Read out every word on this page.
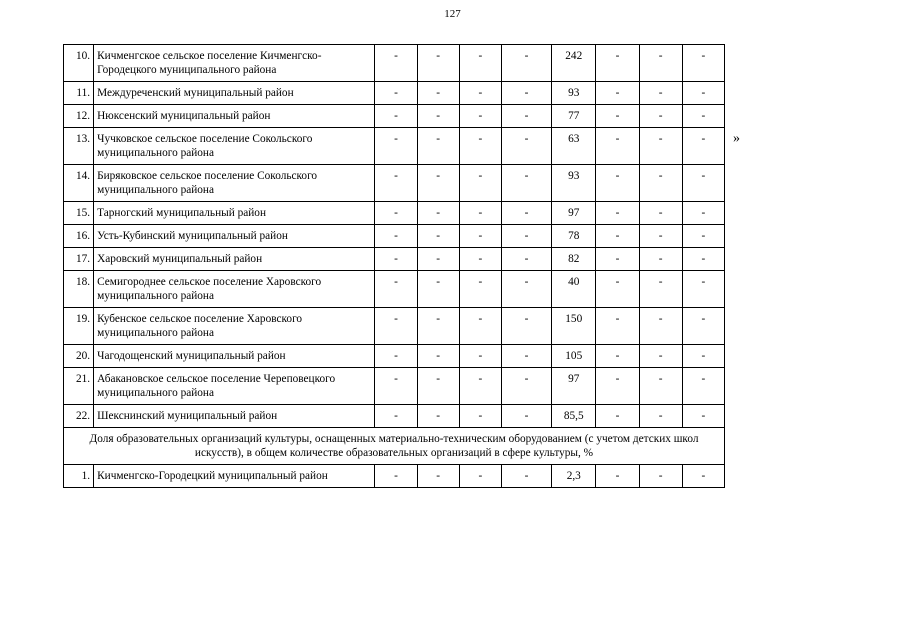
127
10.	Кичменгское сельское поселение Кичменгско-Городецкого муниципального района	-	-	-	-	242	-	-	-
11.	Междуреченский муниципальный район	-	-	-	-	93	-	-	-
12.	Нюксенский муниципальный район	-	-	-	-	77	-	-	-
13.	Чучковское сельское поселение Сокольского муниципального района	-	-	-	-	63	-	-	-
14.	Биряковское сельское поселение Сокольского муниципального района	-	-	-	-	93	-	-	-
15.	Тарногский муниципальный район	-	-	-	-	97	-	-	-
16.	Усть-Кубинский муниципальный район	-	-	-	-	78	-	-	-
17.	Харовский муниципальный район	-	-	-	-	82	-	-	-
18.	Семигороднее сельское поселение Харовского муниципального района	-	-	-	-	40	-	-	-
19.	Кубенское сельское поселение Харовского муниципального района	-	-	-	-	150	-	-	-
20.	Чагодощенский муниципальный район	-	-	-	-	105	-	-	-
21.	Абакановское сельское поселение Череповецкого муниципального района	-	-	-	-	97	-	-	-
22.	Шекснинский муниципальный район	-	-	-	-	85,5	-	-	-
Доля образовательных организаций культуры, оснащенных материально-техническим оборудованием (с учетом детских школ искусств), в общем количестве образовательных организаций в сфере культуры, %									
1.	Кичменгско-Городецкий муниципальный район	-	-	-	-	2,3	-	-	-
»
